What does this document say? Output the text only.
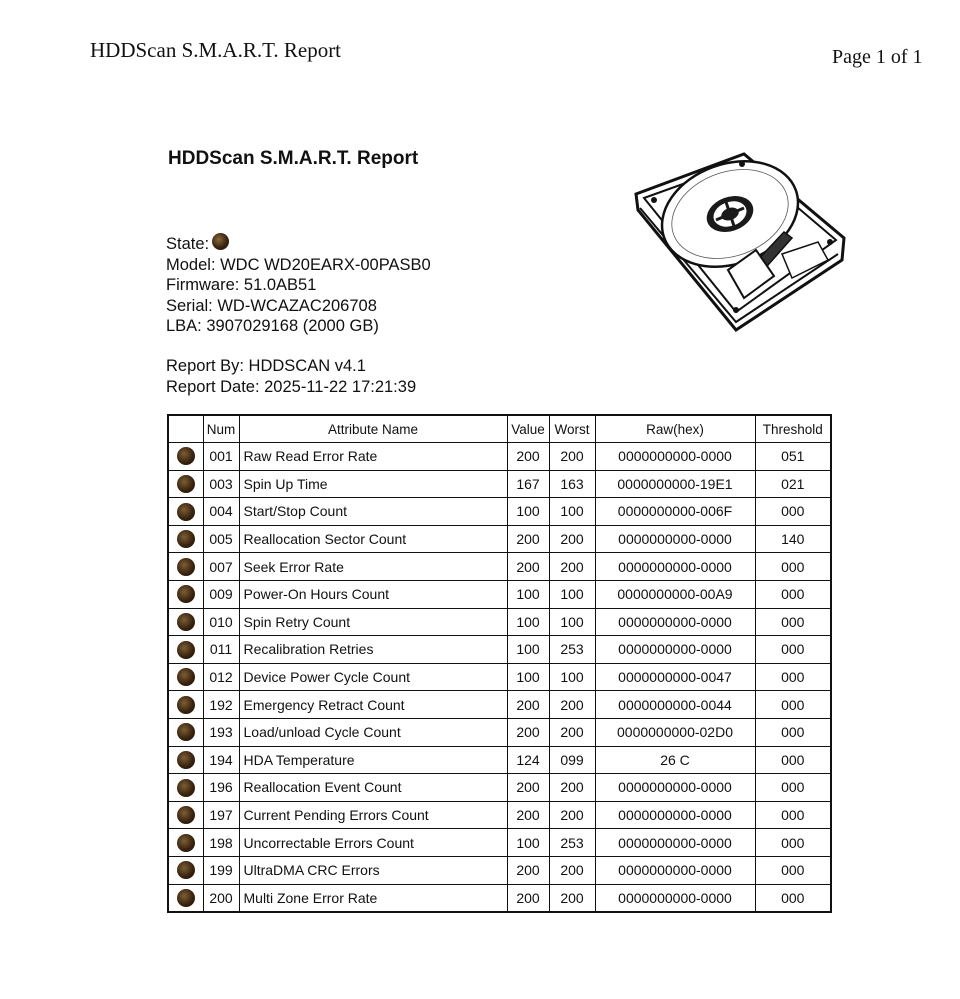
HDDScan S.M.A.R.T. Report	Page 1 of 1
HDDScan S.M.A.R.T. Report
State:
Model: WDC WD20EARX-00PASB0
Firmware: 51.0AB51
Serial: WD-WCAZAC206708
LBA: 3907029168 (2000 GB)
Report By: HDDSCAN v4.1
Report Date: 2025-11-22 17:21:39
	Num	Attribute Name	Value	Worst	Raw(hex)	Threshold
	001	Raw Read Error Rate	200	200	0000000000-0000	051
	003	Spin Up Time	167	163	0000000000-19E1	021
	004	Start/Stop Count	100	100	0000000000-006F	000
	005	Reallocation Sector Count	200	200	0000000000-0000	140
	007	Seek Error Rate	200	200	0000000000-0000	000
	009	Power-On Hours Count	100	100	0000000000-00A9	000
	010	Spin Retry Count	100	100	0000000000-0000	000
	011	Recalibration Retries	100	253	0000000000-0000	000
	012	Device Power Cycle Count	100	100	0000000000-0047	000
	192	Emergency Retract Count	200	200	0000000000-0044	000
	193	Load/unload Cycle Count	200	200	0000000000-02D0	000
	194	HDA Temperature	124	099	26 C	000
	196	Reallocation Event Count	200	200	0000000000-0000	000
	197	Current Pending Errors Count	200	200	0000000000-0000	000
	198	Uncorrectable Errors Count	100	253	0000000000-0000	000
	199	UltraDMA CRC Errors	200	200	0000000000-0000	000
	200	Multi Zone Error Rate	200	200	0000000000-0000	000
